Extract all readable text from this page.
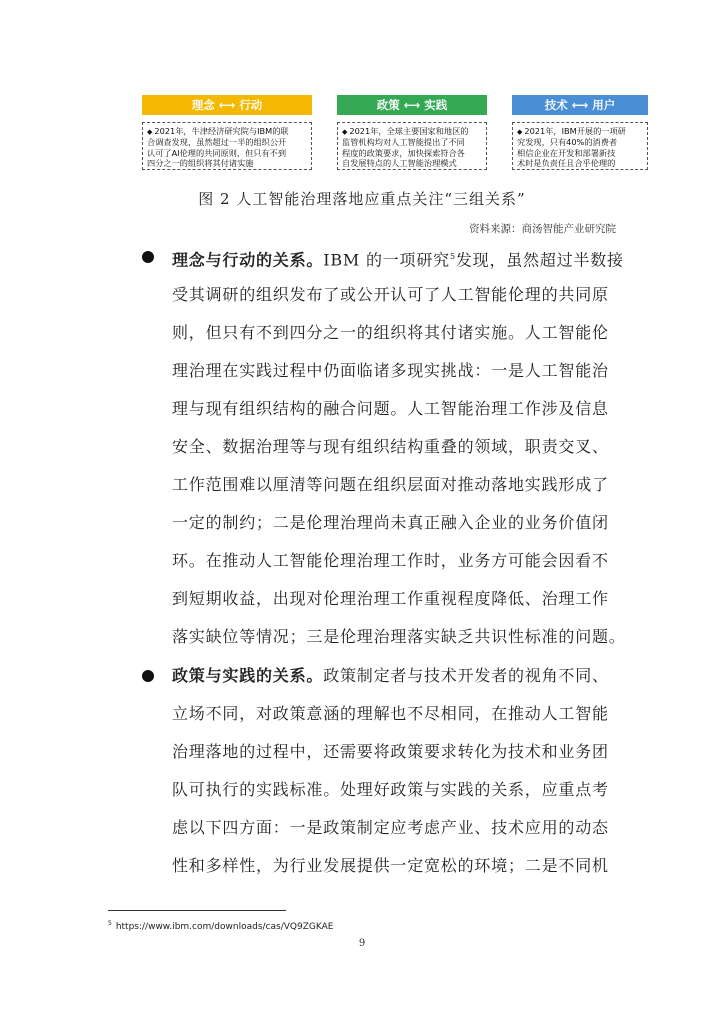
理念 ⟷ 行动
◆ 2021年，牛津经济研究院与IBM的联
合调查发现，虽然超过一半的组织公开
认可了AI伦理的共同原则，但只有不到
四分之一的组织将其付诸实施
政策 ⟷ 实践
◆ 2021年，全球主要国家和地区的
监管机构均对人工智能提出了不同
程度的政策要求，加快探索符合各
自发展特点的人工智能治理模式
技术 ⟷ 用户
◆ 2021年，IBM开展的一项研
究发现，只有40%的消费者
相信企业在开发和部署新技
术时是负责任且合乎伦理的
图 2 人工智能治理落地应重点关注“三组关系”
资料来源：商汤智能产业研究院
理念与行动的关系。IBM 的一项研究$^5$发现，虽然超过半数接
受其调研的组织发布了或公开认可了人工智能伦理的共同原
则，但只有不到四分之一的组织将其付诸实施。人工智能伦
理治理在实践过程中仍面临诸多现实挑战：一是人工智能治
理与现有组织结构的融合问题。人工智能治理工作涉及信息
安全、数据治理等与现有组织结构重叠的领域，职责交叉、
工作范围难以厘清等问题在组织层面对推动落地实践形成了
一定的制约；二是伦理治理尚未真正融入企业的业务价值闭
环。在推动人工智能伦理治理工作时，业务方可能会因看不
到短期收益，出现对伦理治理工作重视程度降低、治理工作
落实缺位等情况；三是伦理治理落实缺乏共识性标准的问题。
政策与实践的关系。政策制定者与技术开发者的视角不同、
立场不同，对政策意涵的理解也不尽相同，在推动人工智能
治理落地的过程中，还需要将政策要求转化为技术和业务团
队可执行的实践标准。处理好政策与实践的关系，应重点考
虑以下四方面：一是政策制定应考虑产业、技术应用的动态
性和多样性，为行业发展提供一定宽松的环境；二是不同机
$^5$ https://www.ibm.com/downloads/cas/VQ9ZGKAE
9
